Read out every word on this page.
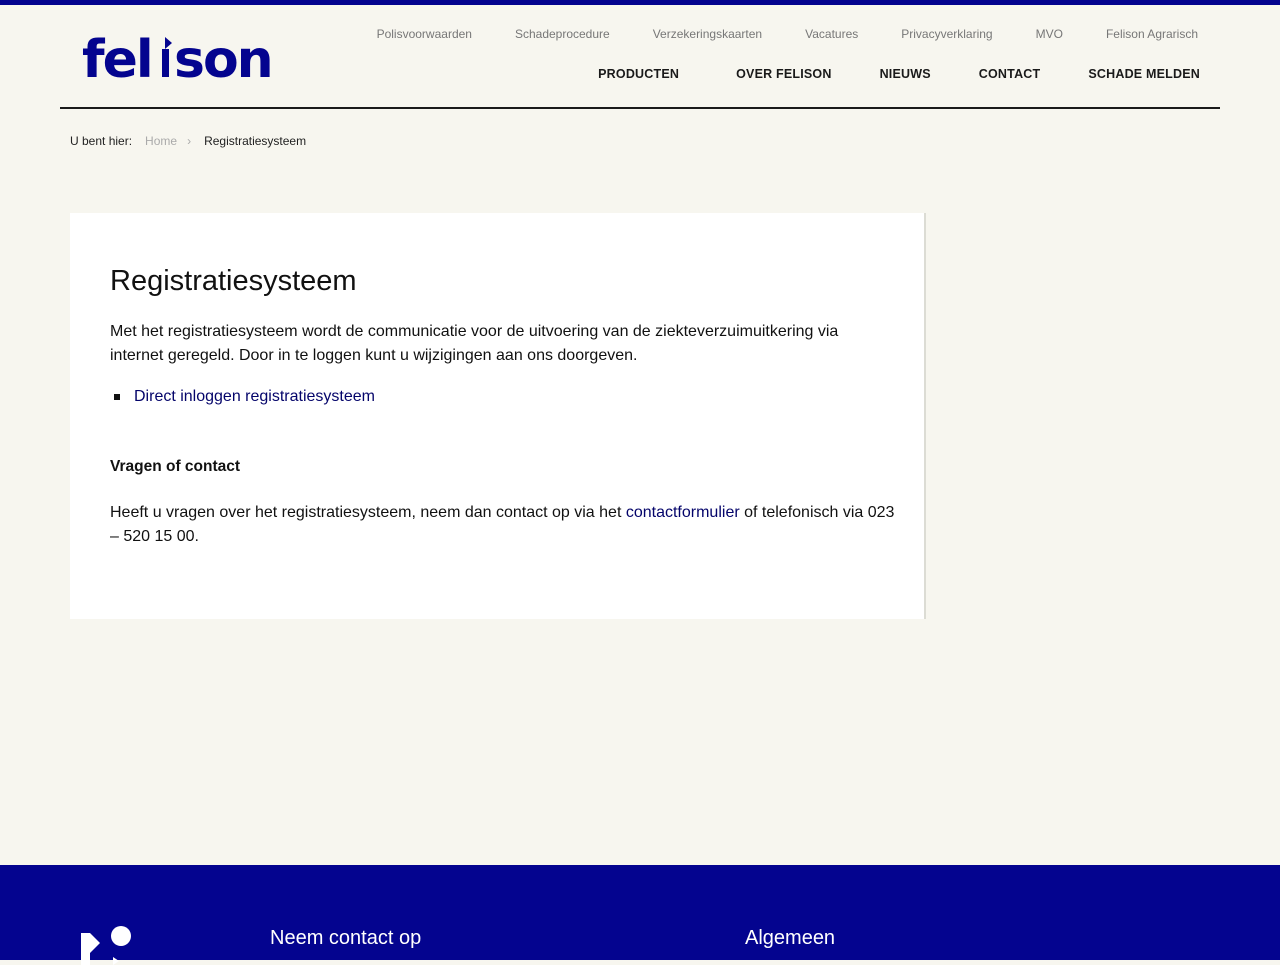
fel son	Polisvoorwaarden	Schadeprocedure	Verzekeringskaarten	Vacatures	Privacyverklaring	MVO	Felison Agrarisch
PRODUCTEN	OVER FELISON	NIEUWS	CONTACT	SCHADE MELDEN
U bent hier: Home › Registratiesysteem
Registratiesysteem

Met het registratiesysteem wordt de communicatie voor de uitvoering van de ziekteverzuimuitkering via internet geregeld. Door in te loggen kunt u wijzigingen aan ons doorgeven.

Direct inloggen registratiesysteem
Vragen of contact

Heeft u vragen over het registratiesysteem, neem dan contact op via het contactformulier of telefonisch via 023 – 520 15 00.

Neem contact op	Algemeen
